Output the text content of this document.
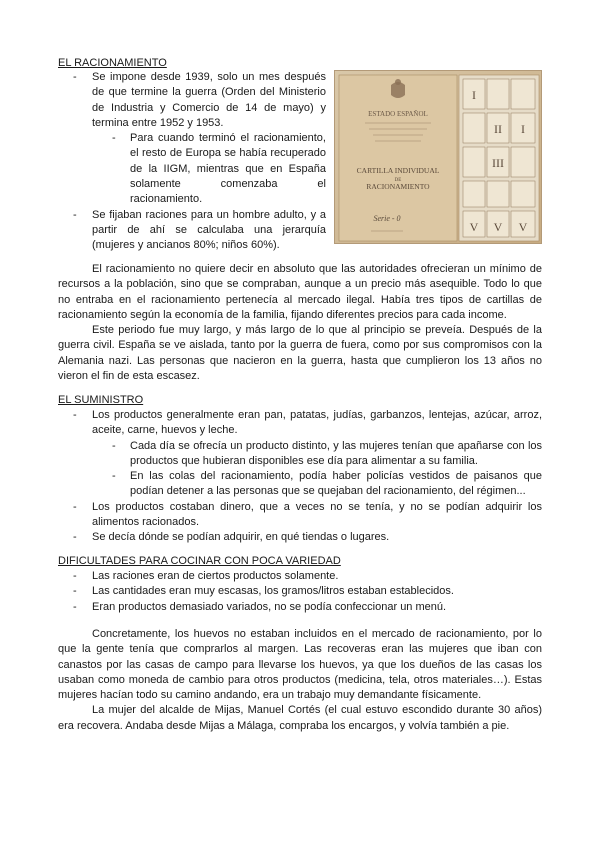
EL RACIONAMIENTO
- Se impone desde 1939, solo un mes después de que termine la guerra (Orden del Ministerio de Industria y Comercio de 14 de mayo) y termina entre 1952 y 1953.
- Para cuando terminó el racionamiento, el resto de Europa se había recuperado de la IIGM, mientras que en España solamente comenzaba el racionamiento.
- Se fijaban raciones para un hombre adulto, y a partir de ahí se calculaba una jerarquía (mujeres y ancianos 80%; niños 60%).
ESTADO ESPAÑOL
CARTILLA INDIVIDUAL
DE
RACIONAMIENTO
Serie - 0
I
II I
III
V V V

El racionamiento no quiere decir en absoluto que las autoridades ofrecieran un mínimo de recursos a la población, sino que se compraban, aunque a un precio más asequible. Todo lo que no entraba en el racionamiento pertenecía al mercado ilegal. Había tres tipos de cartillas de racionamiento según la economía de la familia, fijando diferentes precios para cada income.

Este periodo fue muy largo, y más largo de lo que al principio se preveía. Después de la guerra civil. España se ve aislada, tanto por la guerra de fuera, como por sus compromisos con la Alemania nazi. Las personas que nacieron en la guerra, hasta que cumplieron los 13 años no vieron el fin de esta escasez.

EL SUMINISTRO
- Los productos generalmente eran pan, patatas, judías, garbanzos, lentejas, azúcar, arroz, aceite, carne, huevos y leche.
- Cada día se ofrecía un producto distinto, y las mujeres tenían que apañarse con los productos que hubieran disponibles ese día para alimentar a su familia.
- En las colas del racionamiento, podía haber policías vestidos de paisanos que podían detener a las personas que se quejaban del racionamiento, del régimen...
- Los productos costaban dinero, que a veces no se tenía, y no se podían adquirir los alimentos racionados.
- Se decía dónde se podían adquirir, en qué tiendas o lugares.
DIFICULTADES PARA COCINAR CON POCA VARIEDAD
- Las raciones eran de ciertos productos solamente.
- Las cantidades eran muy escasas, los gramos/litros estaban establecidos.
- Eran productos demasiado variados, no se podía confeccionar un menú.

Concretamente, los huevos no estaban incluidos en el mercado de racionamiento, por lo que la gente tenía que comprarlos al margen. Las recoveras eran las mujeres que iban con canastos por las casas de campo para llevarse los huevos, ya que los dueños de las casas los usaban como moneda de cambio para otros productos (medicina, tela, otros materiales…). Estas mujeres hacían todo su camino andando, era un trabajo muy demandante físicamente.

La mujer del alcalde de Mijas, Manuel Cortés (el cual estuvo escondido durante 30 años) era recovera. Andaba desde Mijas a Málaga, compraba los encargos, y volvía también a pie.
